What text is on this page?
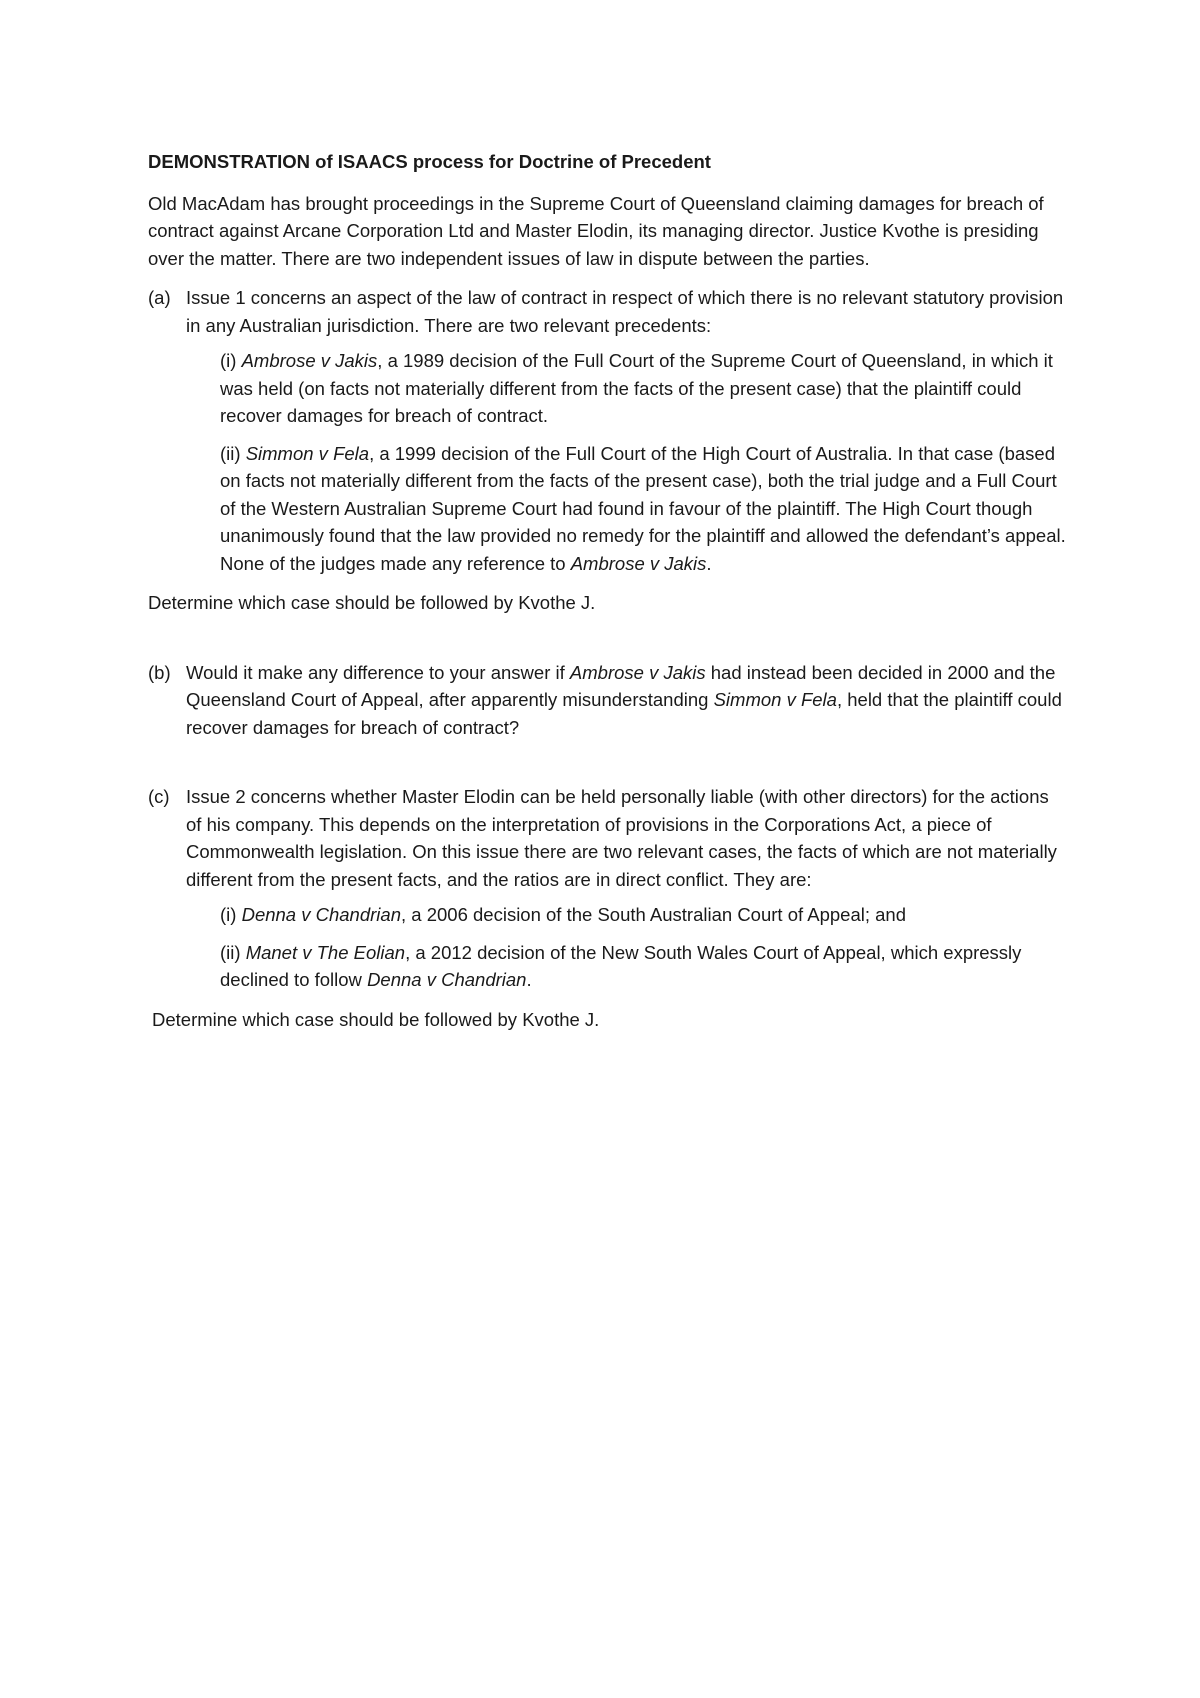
DEMONSTRATION of ISAACS process for Doctrine of Precedent

Old MacAdam has brought proceedings in the Supreme Court of Queensland claiming damages for breach of contract against Arcane Corporation Ltd and Master Elodin, its managing director. Justice Kvothe is presiding over the matter. There are two independent issues of law in dispute between the parties.

(a) Issue 1 concerns an aspect of the law of contract in respect of which there is no relevant statutory provision in any Australian jurisdiction. There are two relevant precedents:

(i) Ambrose v Jakis, a 1989 decision of the Full Court of the Supreme Court of Queensland, in which it was held (on facts not materially different from the facts of the present case) that the plaintiff could recover damages for breach of contract.

(ii) Simmon v Fela, a 1999 decision of the Full Court of the High Court of Australia. In that case (based on facts not materially different from the facts of the present case), both the trial judge and a Full Court of the Western Australian Supreme Court had found in favour of the plaintiff. The High Court though unanimously found that the law provided no remedy for the plaintiff and allowed the defendant’s appeal. None of the judges made any reference to Ambrose v Jakis.

Determine which case should be followed by Kvothe J.

(b) Would it make any difference to your answer if Ambrose v Jakis had instead been decided in 2000 and the Queensland Court of Appeal, after apparently misunderstanding Simmon v Fela, held that the plaintiff could recover damages for breach of contract?
(c) Issue 2 concerns whether Master Elodin can be held personally liable (with other directors) for the actions of his company. This depends on the interpretation of provisions in the Corporations Act, a piece of Commonwealth legislation. On this issue there are two relevant cases, the facts of which are not materially different from the present facts, and the ratios are in direct conflict. They are:

(i) Denna v Chandrian, a 2006 decision of the South Australian Court of Appeal; and

(ii) Manet v The Eolian, a 2012 decision of the New South Wales Court of Appeal, which expressly declined to follow Denna v Chandrian.

Determine which case should be followed by Kvothe J.
